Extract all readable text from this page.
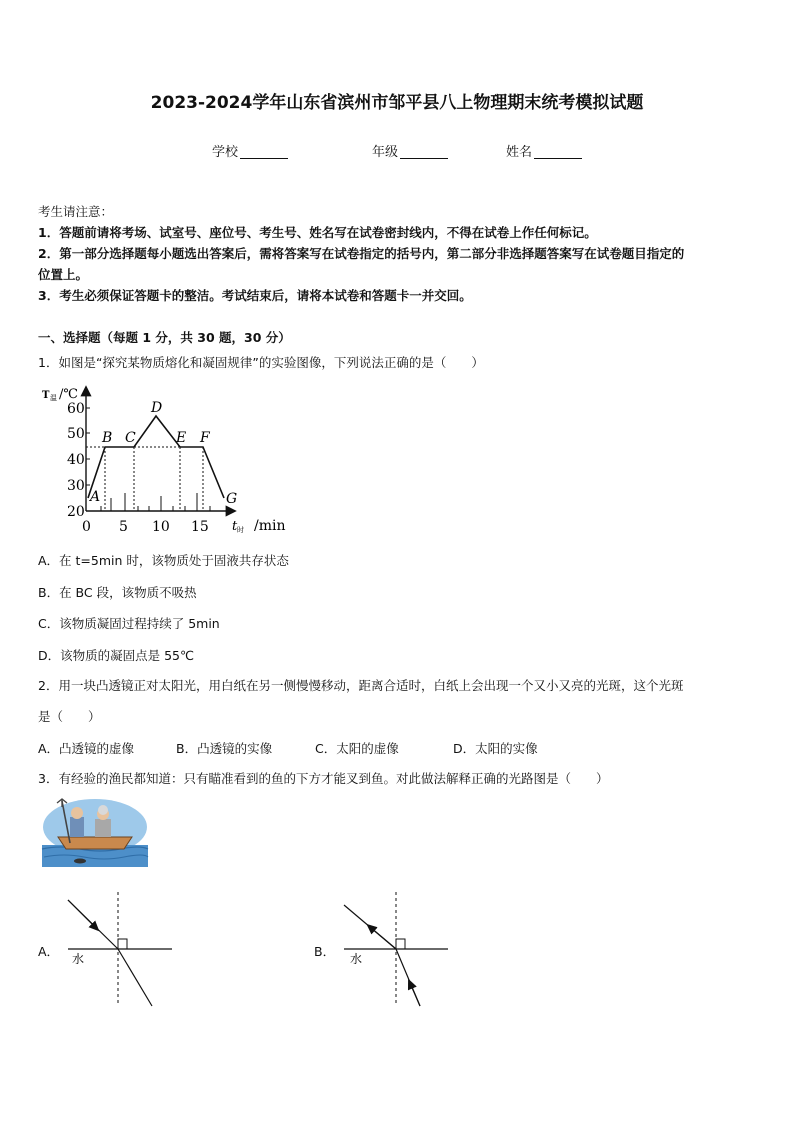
2023-2024学年山东省滨州市邹平县八上物理期末统考模拟试题
学校	年级	姓名
考生请注意：
1．答题前请将考场、试室号、座位号、考生号、姓名写在试卷密封线内，不得在试卷上作任何标记。
2．第一部分选择题每小题选出答案后，需将答案写在试卷指定的括号内，第二部分非选择题答案写在试卷题目指定的
位置上。
3．考生必须保证答题卡的整洁。考试结束后，请将本试卷和答题卡一并交回。
一、选择题（每题 1 分，共 30 题，30 分）
1．如图是“探究某物质熔化和凝固规律”的实验图像，下列说法正确的是（　　）
T 温 /℃
60
50
40
30
20
0 5 10 15 t 时 /min
A
B C
D
E F
G
A．在 t=5min 时，该物质处于固液共存状态
B．在 BC 段，该物质不吸热
C．该物质凝固过程持续了 5min
D．该物质的凝固点是 55℃
2．用一块凸透镜正对太阳光，用白纸在另一侧慢慢移动，距离合适时，白纸上会出现一个又小又亮的光斑，这个光斑
是（　　）
A．凸透镜的虚像	B．凸透镜的实像	C．太阳的虚像	D．太阳的实像
3．有经验的渔民都知道：只有瞄准看到的鱼的下方才能叉到鱼。对此做法解释正确的光路图是（　　）
A． 水	B． 水
